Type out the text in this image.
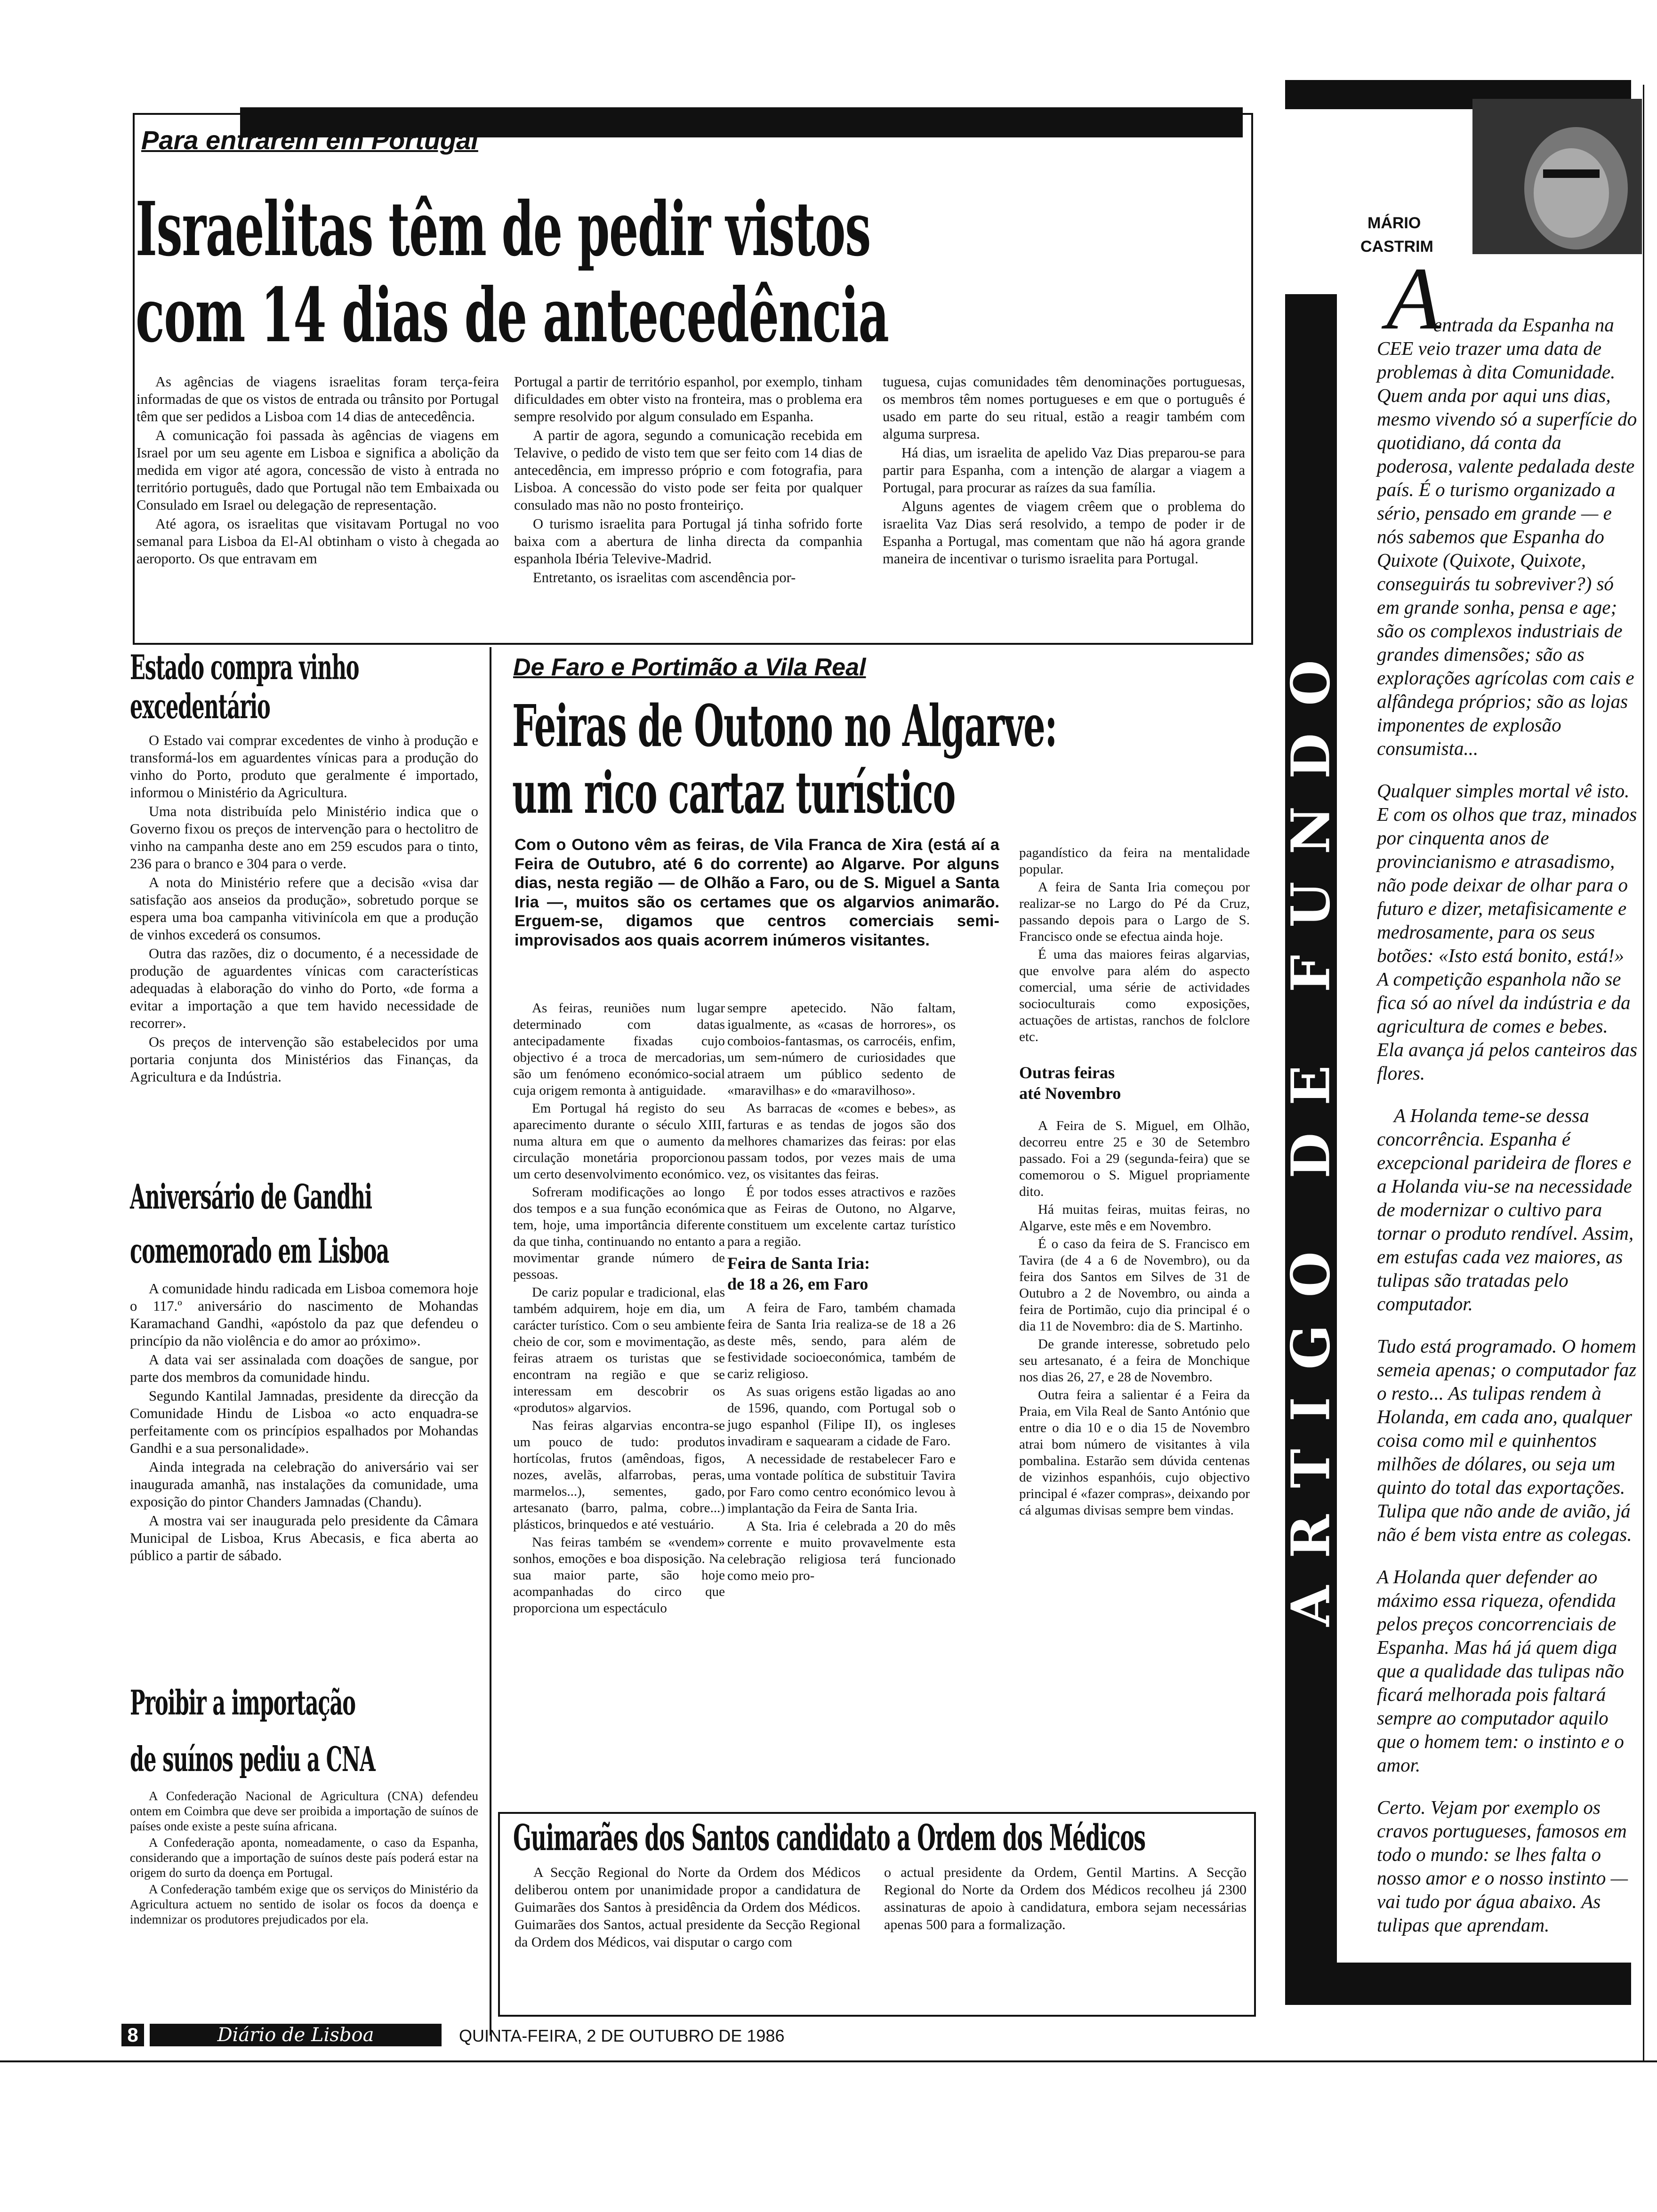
Para entrarem em Portugal
Israelitas têm de pedir vistos
com 14 dias de antecedência

As agências de viagens israelitas foram terça-feira informadas de que os vistos de entrada ou trânsito por Portugal têm que ser pedidos a Lisboa com 14 dias de antecedência.

A comunicação foi passada às agências de viagens em Israel por um seu agente em Lisboa e significa a abolição da medida em vigor até agora, concessão de visto à entrada no território português, dado que Portugal não tem Embaixada ou Consulado em Israel ou delegação de representação.

Até agora, os israelitas que visitavam Portugal no voo semanal para Lisboa da El-Al obtinham o visto à chegada ao aeroporto. Os que entravam em

Portugal a partir de território espanhol, por exemplo, tinham dificuldades em obter visto na fronteira, mas o problema era sempre resolvido por algum consulado em Espanha.

A partir de agora, segundo a comunicação recebida em Telavive, o pedido de visto tem que ser feito com 14 dias de antecedência, em impresso próprio e com fotografia, para Lisboa. A concessão do visto pode ser feita por qualquer consulado mas não no posto fronteiriço.

O turismo israelita para Portugal já tinha sofrido forte baixa com a abertura de linha directa da companhia espanhola Ibéria Televive-Madrid.

Entretanto, os israelitas com ascendência por-

tuguesa, cujas comunidades têm denominações portuguesas, os membros têm nomes portugueses e em que o português é usado em parte do seu ritual, estão a reagir também com alguma surpresa.

Há dias, um israelita de apelido Vaz Dias preparou-se para partir para Espanha, com a intenção de alargar a viagem a Portugal, para procurar as raízes da sua família.

Alguns agentes de viagem crêem que o problema do israelita Vaz Dias será resolvido, a tempo de poder ir de Espanha a Portugal, mas comentam que não há agora grande maneira de incentivar o turismo israelita para Portugal.

Estado compra vinho
excedentário

O Estado vai comprar excedentes de vinho à produção e transformá-los em aguardentes vínicas para a produção do vinho do Porto, produto que geralmente é importado, informou o Ministério da Agricultura.

Uma nota distribuída pelo Ministério indica que o Governo fixou os preços de intervenção para o hectolitro de vinho na campanha deste ano em 259 escudos para o tinto, 236 para o branco e 304 para o verde.

A nota do Ministério refere que a decisão «visa dar satisfação aos anseios da produção», sobretudo porque se espera uma boa campanha vitivinícola em que a produção de vinhos excederá os consumos.

Outra das razões, diz o documento, é a necessidade de produção de aguardentes vínicas com características adequadas à elaboração do vinho do Porto, «de forma a evitar a importação a que tem havido necessidade de recorrer».

Os preços de intervenção são estabelecidos por uma portaria conjunta dos Ministérios das Finanças, da Agricultura e da Indústria.

Aniversário de Gandhi
comemorado em Lisboa

A comunidade hindu radicada em Lisboa comemora hoje o 117.º aniversário do nascimento de Mohandas Karamachand Gandhi, «apóstolo da paz que defendeu o princípio da não violência e do amor ao próximo».

A data vai ser assinalada com doações de sangue, por parte dos membros da comunidade hindu.

Segundo Kantilal Jamnadas, presidente da direcção da Comunidade Hindu de Lisboa «o acto enquadra-se perfeitamente com os princípios espalhados por Mohandas Gandhi e a sua personalidade».

Ainda integrada na celebração do aniversário vai ser inaugurada amanhã, nas instalações da comunidade, uma exposição do pintor Chanders Jamnadas (Chandu).

A mostra vai ser inaugurada pelo presidente da Câmara Municipal de Lisboa, Krus Abecasis, e fica aberta ao público a partir de sábado.

Proibir a importação
de suínos pediu a CNA

A Confederação Nacional de Agricultura (CNA) defendeu ontem em Coimbra que deve ser proibida a importação de suínos de países onde existe a peste suína africana.

A Confederação aponta, nomeadamente, o caso da Espanha, considerando que a importação de suínos deste país poderá estar na origem do surto da doença em Portugal.

A Confederação também exige que os serviços do Ministério da Agricultura actuem no sentido de isolar os focos da doença e indemnizar os produtores prejudicados por ela.

De Faro e Portimão a Vila Real
Feiras de Outono no Algarve:
um rico cartaz turístico
Com o Outono vêm as feiras, de Vila Franca de Xira (está aí a Feira de Outubro, até 6 do corrente) ao Algarve. Por alguns dias, nesta região — de Olhão a Faro, ou de S. Miguel a Santa Iria —, muitos são os certames que os algarvios animarão. Erguem-se, digamos que centros comerciais semi-improvisados aos quais acorrem inúmeros visitantes.

As feiras, reuniões num lugar determinado com datas antecipadamente fixadas cujo objectivo é a troca de mercadorias, são um fenómeno económico-social cuja origem remonta à antiguidade.

Em Portugal há registo do seu aparecimento durante o século XIII, numa altura em que o aumento da circulação monetária proporcionou um certo desenvolvimento económico.

Sofreram modificações ao longo dos tempos e a sua função económica tem, hoje, uma importância diferente da que tinha, continuando no entanto a movimentar grande número de pessoas.

De cariz popular e tradicional, elas também adquirem, hoje em dia, um carácter turístico. Com o seu ambiente cheio de cor, som e movimentação, as feiras atraem os turistas que se encontram na região e que se interessam em descobrir os «produtos» algarvios.

Nas feiras algarvias encontra-se um pouco de tudo: produtos hortícolas, frutos (amêndoas, figos, nozes, avelãs, alfarrobas, peras, marmelos...), sementes, gado, artesanato (barro, palma, cobre...) plásticos, brinquedos e até vestuário.

Nas feiras também se «vendem» sonhos, emoções e boa disposição. Na sua maior parte, são hoje acompanhadas do circo que proporciona um espectáculo

sempre apetecido. Não faltam, igualmente, as «casas de horrores», os comboios-fantasmas, os carrocéis, enfim, um sem-número de curiosidades que atraem um público sedento de «maravilhas» e do «maravilhoso».

As barracas de «comes e bebes», as farturas e as tendas de jogos são dos melhores chamarizes das feiras: por elas passam todos, por vezes mais de uma vez, os visitantes das feiras.

É por todos esses atractivos e razões que as Feiras de Outono, no Algarve, constituem um excelente cartaz turístico para a região.

Feira de Santa Iria:
de 18 a 26, em Faro

A feira de Faro, também chamada feira de Santa Iria realiza-se de 18 a 26 deste mês, sendo, para além de festividade socioeconómica, também de cariz religioso.

As suas origens estão ligadas ao ano de 1596, quando, com Portugal sob o jugo espanhol (Filipe II), os ingleses invadiram e saquearam a cidade de Faro.

A necessidade de restabelecer Faro e uma vontade política de substituir Tavira por Faro como centro económico levou à implantação da Feira de Santa Iria.

A Sta. Iria é celebrada a 20 do mês corrente e muito provavelmente esta celebração religiosa terá funcionado como meio pro-

pagandístico da feira na mentalidade popular.

A feira de Santa Iria começou por realizar-se no Largo do Pé da Cruz, passando depois para o Largo de S. Francisco onde se efectua ainda hoje.

É uma das maiores feiras algarvias, que envolve para além do aspecto comercial, uma série de actividades socioculturais como exposições, actuações de artistas, ranchos de folclore etc.

Outras feiras
até Novembro

A Feira de S. Miguel, em Olhão, decorreu entre 25 e 30 de Setembro passado. Foi a 29 (segunda-feira) que se comemorou o S. Miguel propriamente dito.

Há muitas feiras, muitas feiras, no Algarve, este mês e em Novembro.

É o caso da feira de S. Francisco em Tavira (de 4 a 6 de Novembro), ou da feira dos Santos em Silves de 31 de Outubro a 2 de Novembro, ou ainda a feira de Portimão, cujo dia principal é o dia 11 de Novembro: dia de S. Martinho.

De grande interesse, sobretudo pelo seu artesanato, é a feira de Monchique nos dias 26, 27, e 28 de Novembro.

Outra feira a salientar é a Feira da Praia, em Vila Real de Santo António que entre o dia 10 e o dia 15 de Novembro atrai bom número de visitantes à vila pombalina. Estarão sem dúvida centenas de vizinhos espanhóis, cujo objectivo principal é «fazer compras», deixando por cá algumas divisas sempre bem vindas.

Guimarães dos Santos candidato a Ordem dos Médicos

A Secção Regional do Norte da Ordem dos Médicos deliberou ontem por unanimidade propor a candidatura de Guimarães dos Santos à presidência da Ordem dos Médicos. Guimarães dos Santos, actual presidente da Secção Regional da Ordem dos Médicos, vai disputar o cargo com

o actual presidente da Ordem, Gentil Martins. A Secção Regional do Norte da Ordem dos Médicos recolheu já 2300 assinaturas de apoio à candidatura, embora sejam necessárias apenas 500 para a formalização.

8	Diário de Lisboa	QUINTA-FEIRA, 2 DE OUTUBRO DE 1986
MÁRIO
CASTRIM
ARTIGO DE FUNDO
A

entrada da Espanha na CEE veio trazer uma data de problemas à dita Comunidade. Quem anda por aqui uns dias, mesmo vivendo só a superfície do quotidiano, dá conta da poderosa, valente pedalada deste país. É o turismo organizado a sério, pensado em grande — e nós sabemos que Espanha do Quixote (Quixote, Quixote, conseguirás tu sobreviver?) só em grande sonha, pensa e age; são os complexos industriais de grandes dimensões; são as explorações agrícolas com cais e alfândega próprios; são as lojas imponentes de explosão consumista...

Qualquer simples mortal vê isto. E com os olhos que traz, minados por cinquenta anos de provincianismo e atrasadismo, não pode deixar de olhar para o futuro e dizer, metafisicamente e medrosamente, para os seus botões: «Isto está bonito, está!» A competição espanhola não se fica só ao nível da indústria e da agricultura de comes e bebes. Ela avança já pelos canteiros das flores.

A Holanda teme-se dessa concorrência. Espanha é excepcional parideira de flores e a Holanda viu-se na necessidade de modernizar o cultivo para tornar o produto rendível. Assim, em estufas cada vez maiores, as tulipas são tratadas pelo computador.

Tudo está programado. O homem semeia apenas; o computador faz o resto... As tulipas rendem à Holanda, em cada ano, qualquer coisa como mil e quinhentos milhões de dólares, ou seja um quinto do total das exportações. Tulipa que não ande de avião, já não é bem vista entre as colegas.

A Holanda quer defender ao máximo essa riqueza, ofendida pelos preços concorrenciais de Espanha. Mas há já quem diga que a qualidade das tulipas não ficará melhorada pois faltará sempre ao computador aquilo que o homem tem: o instinto e o amor.

Certo. Vejam por exemplo os cravos portugueses, famosos em todo o mundo: se lhes falta o nosso amor e o nosso instinto — vai tudo por água abaixo. As tulipas que aprendam.
